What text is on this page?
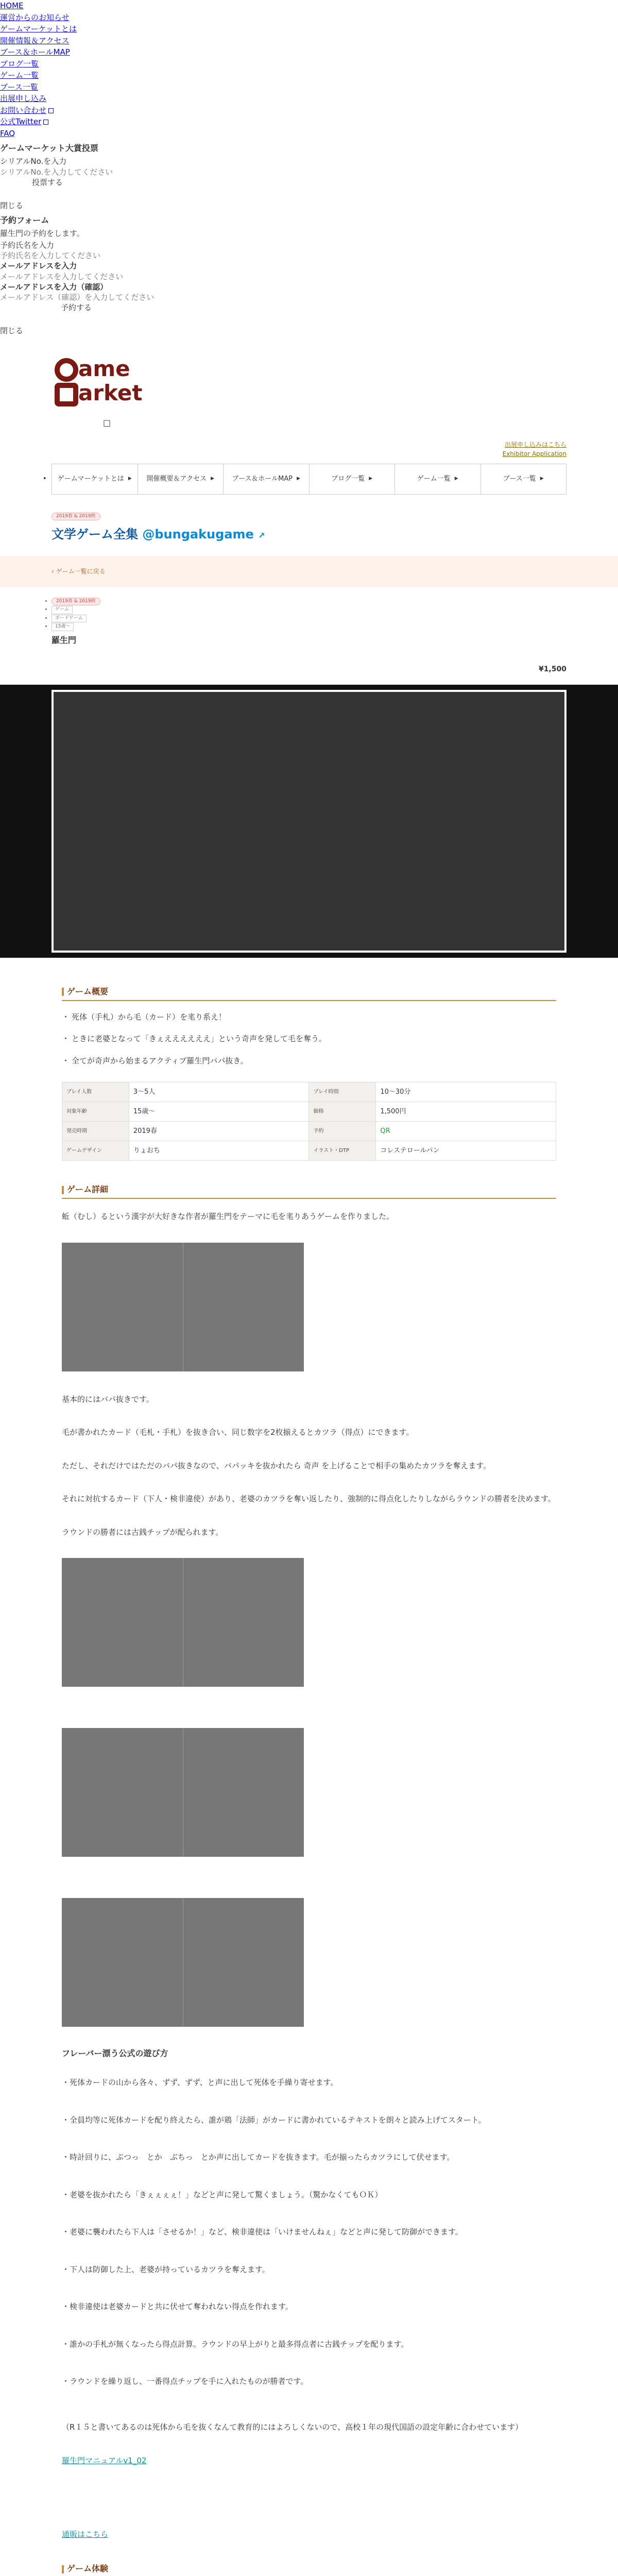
HOME
運営からのお知らせ
ゲームマーケットとは
開催情報＆アクセス
ブース＆ホールMAP
ブログ一覧
ゲーム一覧
ブース一覧
出展申し込み
お問い合わせ
公式Twitter
FAQ
ゲームマーケット大賞投票
シリアルNo.を入力
シリアルNo.を入力してください
投票する

閉じる
予約フォーム
羅生門の予約をします。
予約氏名を入力
予約氏名を入力してください
メールアドレスを入力
メールアドレスを入力してください
メールアドレスを入力（確認）
メールアドレス（確認）を入力してください
予約する

閉じる
ame
arket
□
出展申し込みはこちら
Exhibitor Application
• ゲームマーケットとは ▶ 開催概要＆アクセス ▶	ブース＆ホールMAP ▶	ブログ一覧 ▶	ゲーム一覧 ▶	ブース一覧 ▶
2019春 & 2019秋
文学ゲーム全集 @bungakugame ↗
‹ ゲーム一覧に戻る
• 2019春 & 2019秋
• ゲーム
• ボードゲーム
• 15歳〜
羅生門
¥1,500
ゲーム概要
・ 死体（手札）から毛（カード）を毟り系え！
・ ときに老婆となって「きぇええええええ」という奇声を発して毛を奪う。
・ 全てが奇声から始まるアクティブ羅生門バパ抜き。
プレイ人数	3〜5人	プレイ時間	10〜30分
対象年齢	15歳〜	価格	1,500円
発売時期	2019春	予約	QR
ゲームデザイン	りょおち	イラスト・DTP	コレステロールパン
ゲーム詳細

蚯（むし）るという漢字が大好きな作者が羅生門をテーマに毛を毟りあうゲームを作りました。

基本的にはバパ抜きです。

毛が書かれたカード（毛札・手札）を抜き合い、同じ数字を2枚揃えるとカツラ（得点）にできます。

ただし、それだけではただのバパ抜きなので、バパッキを抜かれたら 奇声 を上げることで相手の集めたカツラを奪えます。

それに対抗するカード（下人・検非違使）があり、老婆のカツラを奪い返したり、強制的に得点化したりしながらラウンドの勝者を決めます。

ラウンドの勝者には古銭チップが配られます。

フレーバー漂う公式の遊び方

・死体カードの山から各々、ずず、ずず、と声に出して死体を手繰り寄せます。

・全員均等に死体カードを配り終えたら、誰が鶏「法師」がカードに書かれているテキストを朗々と読み上げてスタート。

・時計回りに、ぶつっ　とか　ぶちっ　とか声に出してカードを抜きます。毛が揃ったらカツラにして伏せます。

・老婆を抜かれたら「きぇぇぇぇ！」などと声に発して驚くましょう。（驚かなくてもＯＫ）

・老婆に襲われたら下人は「させるか！」など、検非違使は「いけませんねぇ」などと声に発して防御ができます。

・下人は防御した上、老婆が持っているカツラを奪えます。

・検非違使は老婆カードと共に伏せて奪われない得点を作れます。

・誰かの手札が無くなったら得点計算。ラウンドの早上がりと最多得点者に古銭チップを配ります。

・ラウンドを繰り返し、一番得点チップを手に入れたものが勝者です。

（R１５と書いてあるのは死体から毛を抜くなんて教育的にはよろしくないので、高校１年の現代国語の設定年齢に合わせています）

羅生門マニュアルv1_02
通販はこちら
ゲーム体験
